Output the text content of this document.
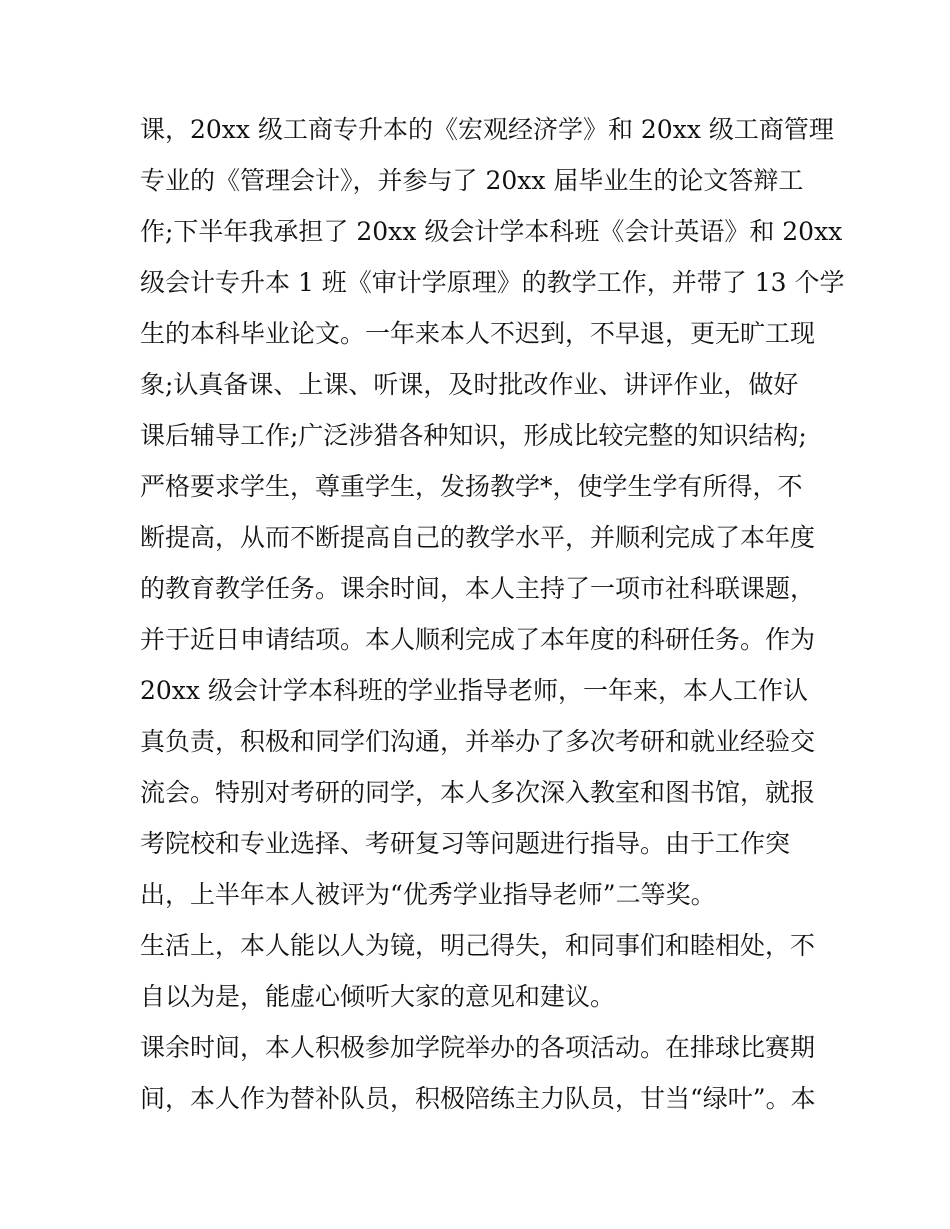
课，20xx 级工商专升本的《宏观经济学》和 20xx 级工商管理
专业的《管理会计》，并参与了 20xx 届毕业生的论文答辩工
作;下半年我承担了 20xx 级会计学本科班《会计英语》和 20xx
级会计专升本 1 班《审计学原理》的教学工作，并带了 13 个学
生的本科毕业论文。一年来本人不迟到，不早退，更无旷工现
象;认真备课、上课、听课，及时批改作业、讲评作业，做好
课后辅导工作;广泛涉猎各种知识，形成比较完整的知识结构;
严格要求学生，尊重学生，发扬教学*，使学生学有所得，不
断提高，从而不断提高自己的教学水平，并顺利完成了本年度
的教育教学任务。课余时间，本人主持了一项市社科联课题，
并于近日申请结项。本人顺利完成了本年度的科研任务。作为
20xx 级会计学本科班的学业指导老师，一年来，本人工作认
真负责，积极和同学们沟通，并举办了多次考研和就业经验交
流会。特别对考研的同学，本人多次深入教室和图书馆，就报
考院校和专业选择、考研复习等问题进行指导。由于工作突
出，上半年本人被评为“优秀学业指导老师”二等奖。
生活上，本人能以人为镜，明己得失，和同事们和睦相处，不
自以为是，能虚心倾听大家的意见和建议。
课余时间，本人积极参加学院举办的各项活动。在排球比赛期
间，本人作为替补队员，积极陪练主力队员，甘当“绿叶”。本
